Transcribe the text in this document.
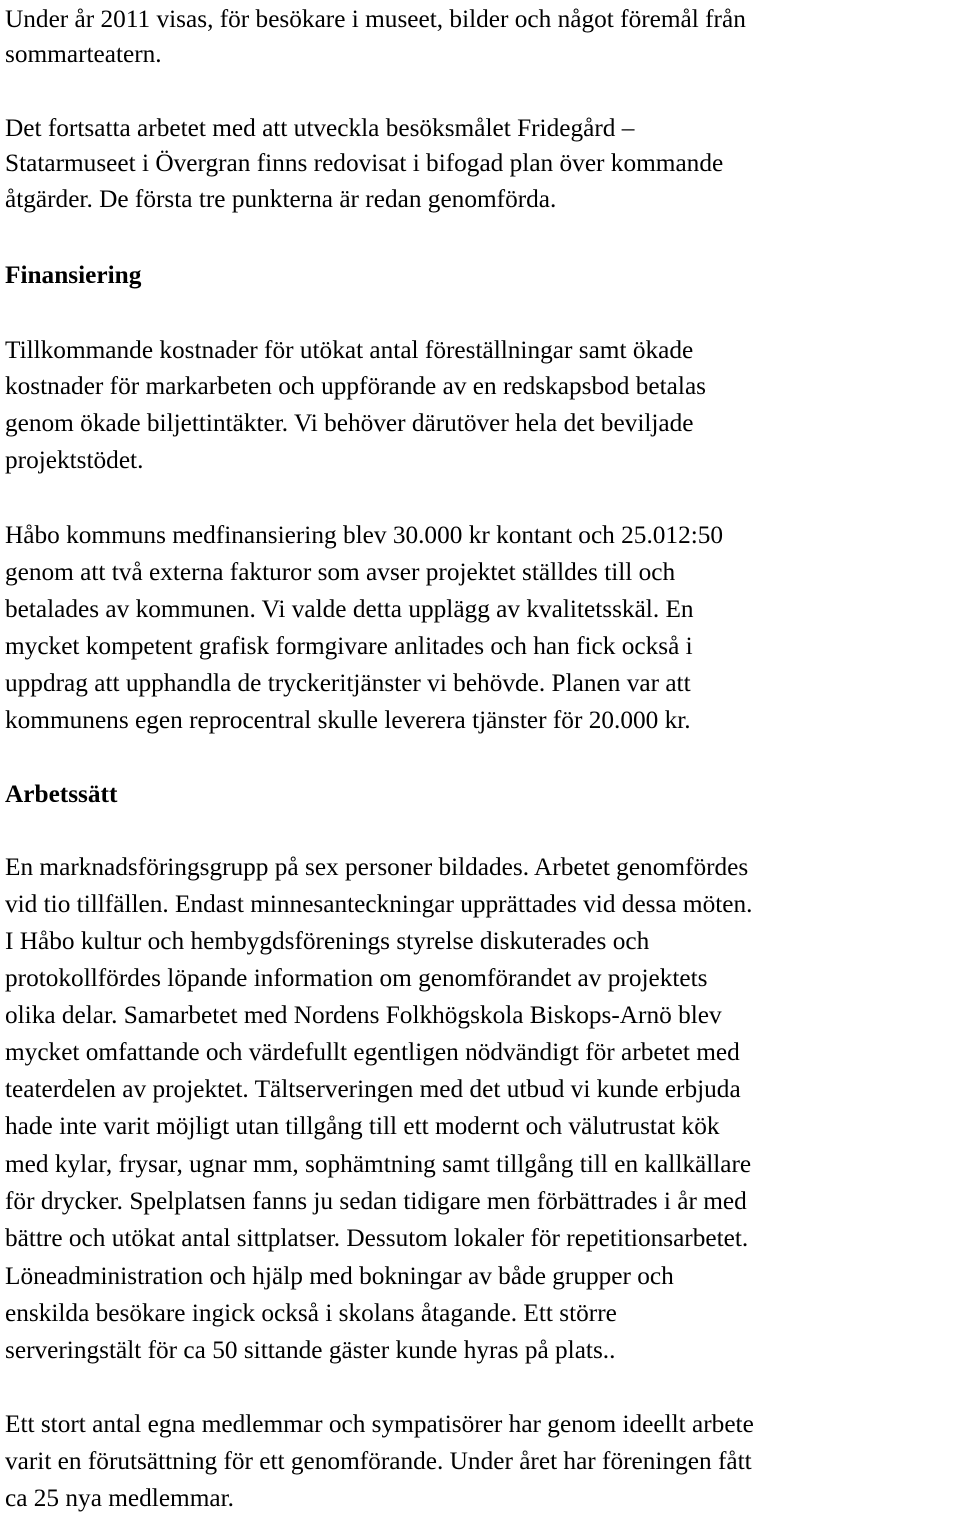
Under år 2011 visas, för besökare i museet, bilder och något föremål från
sommarteatern.
Det fortsatta arbetet med att utveckla besöksmålet Fridegård –
Statarmuseet i Övergran finns redovisat i bifogad plan över kommande
åtgärder. De första tre punkterna är redan genomförda.
Finansiering
Tillkommande kostnader för utökat antal föreställningar samt ökade
kostnader för markarbeten och uppförande av en redskapsbod betalas
genom ökade biljettintäkter. Vi behöver därutöver hela det beviljade
projektstödet.
Håbo kommuns medfinansiering blev 30.000 kr kontant och 25.012:50
genom att två externa fakturor som avser projektet ställdes till och
betalades av kommunen. Vi valde detta upplägg av kvalitetsskäl. En
mycket kompetent grafisk formgivare anlitades och han fick också i
uppdrag att upphandla de tryckeritjänster vi behövde. Planen var att
kommunens egen reprocentral skulle leverera tjänster för 20.000 kr.
Arbetssätt
En marknadsföringsgrupp på sex personer bildades. Arbetet genomfördes
vid tio tillfällen. Endast minnesanteckningar upprättades vid dessa möten.
I Håbo kultur och hembygdsförenings styrelse diskuterades och
protokollfördes löpande information om genomförandet av projektets
olika delar. Samarbetet med Nordens Folkhögskola Biskops-Arnö blev
mycket omfattande och värdefullt egentligen nödvändigt för arbetet med
teaterdelen av projektet. Tältserveringen med det utbud vi kunde erbjuda
hade inte varit möjligt utan tillgång till ett modernt och välutrustat kök
med kylar, frysar, ugnar mm, sophämtning samt tillgång till en kallkällare
för drycker. Spelplatsen fanns ju sedan tidigare men förbättrades i år med
bättre och utökat antal sittplatser. Dessutom lokaler för repetitionsarbetet.
Löneadministration och hjälp med bokningar av både grupper och
enskilda besökare ingick också i skolans åtagande. Ett större
serveringstält för ca 50 sittande gäster kunde hyras på plats..
Ett stort antal egna medlemmar och sympatisörer har genom ideellt arbete
varit en förutsättning för ett genomförande. Under året har föreningen fått
ca 25 nya medlemmar.
